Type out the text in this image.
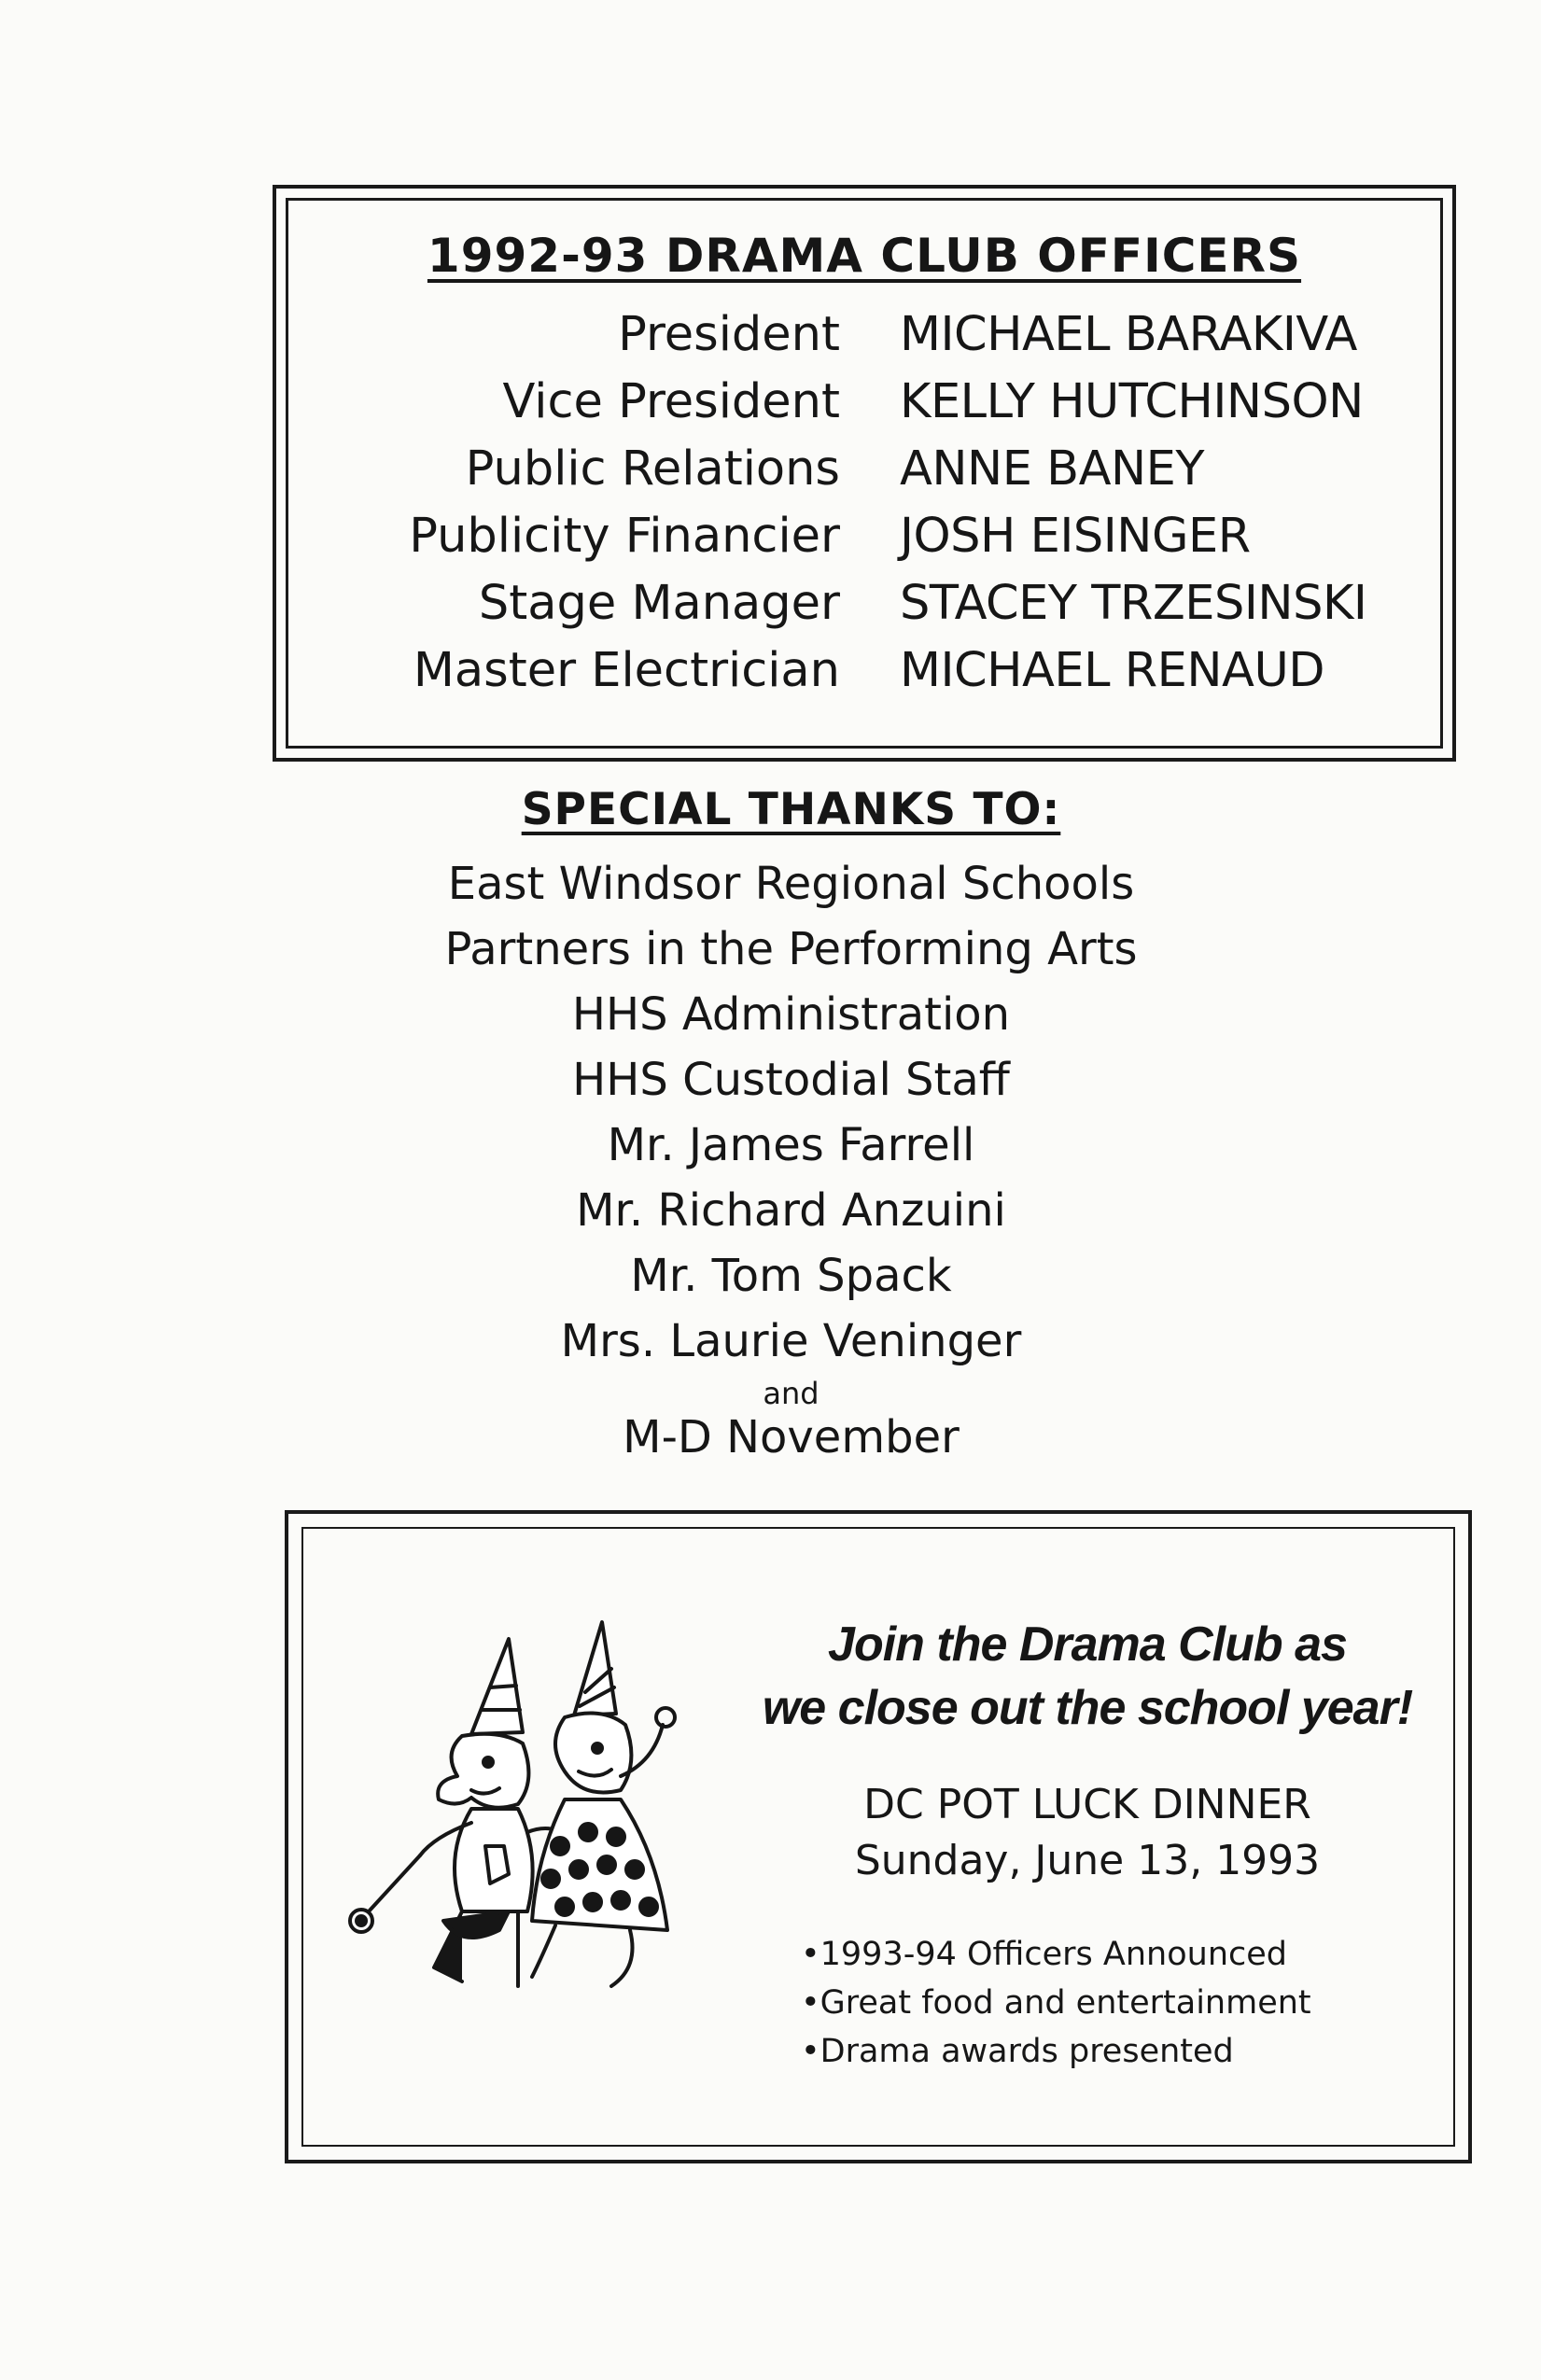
1992-93 DRAMA CLUB OFFICERS
President MICHAEL BARAKIVA
Vice President KELLY HUTCHINSON
Public Relations ANNE BANEY
Publicity Financier JOSH EISINGER
Stage Manager STACEY TRZESINSKI
Master Electrician MICHAEL RENAUD
SPECIAL THANKS TO:
East Windsor Regional Schools
Partners in the Performing Arts
HHS Administration
HHS Custodial Staff
Mr. James Farrell
Mr. Richard Anzuini
Mr. Tom Spack
Mrs. Laurie Veninger
and
M-D November
Join the Drama Club as
we close out the school year!
DC POT LUCK DINNER
Sunday, June 13, 1993
•1993-94 Officers Announced
•Great food and entertainment
•Drama awards presented
